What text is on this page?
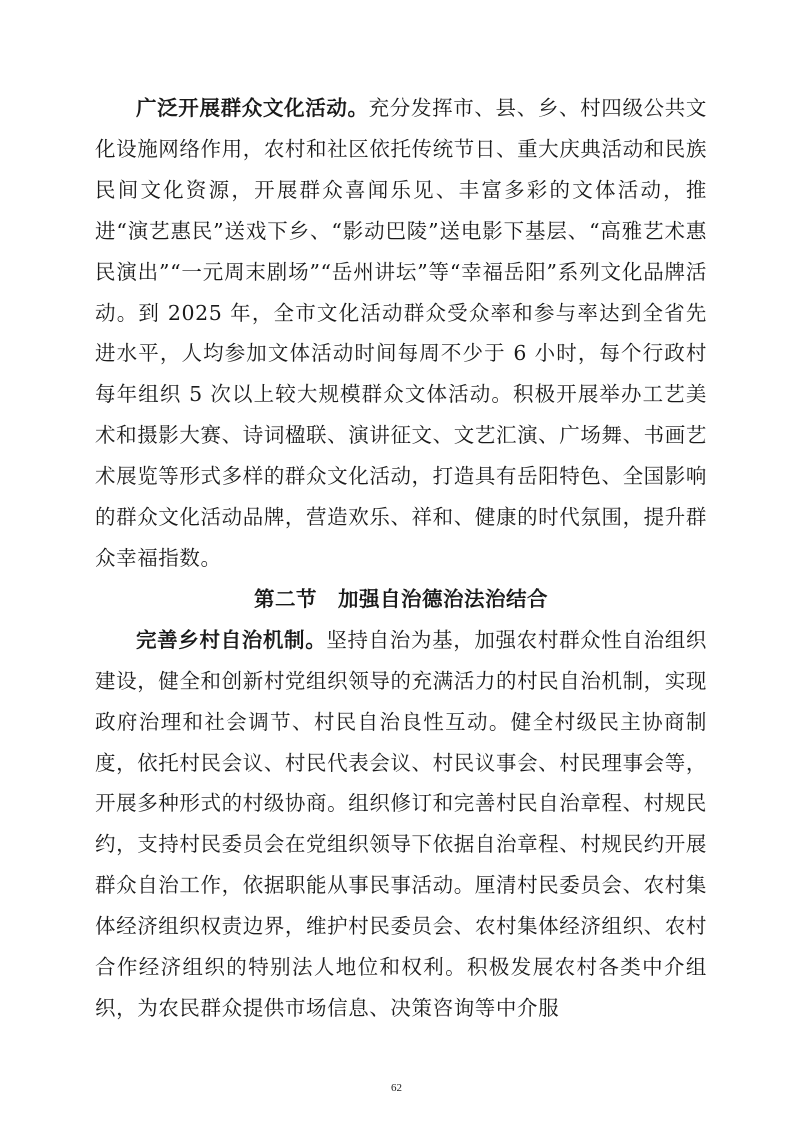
广泛开展群众文化活动。充分发挥市、县、乡、村四级公共文化设施网络作用，农村和社区依托传统节日、重大庆典活动和民族民间文化资源，开展群众喜闻乐见、丰富多彩的文体活动，推进“演艺惠民”送戏下乡、“影动巴陵”送电影下基层、“高雅艺术惠民演出”“一元周末剧场”“岳州讲坛”等“幸福岳阳”系列文化品牌活动。到 2025 年，全市文化活动群众受众率和参与率达到全省先进水平，人均参加文体活动时间每周不少于 6 小时，每个行政村每年组织 5 次以上较大规模群众文体活动。积极开展举办工艺美术和摄影大赛、诗词楹联、演讲征文、文艺汇演、广场舞、书画艺术展览等形式多样的群众文化活动，打造具有岳阳特色、全国影响的群众文化活动品牌，营造欢乐、祥和、健康的时代氛围，提升群众幸福指数。

第二节　加强自治德治法治结合

完善乡村自治机制。坚持自治为基，加强农村群众性自治组织建设，健全和创新村党组织领导的充满活力的村民自治机制，实现政府治理和社会调节、村民自治良性互动。健全村级民主协商制度，依托村民会议、村民代表会议、村民议事会、村民理事会等，开展多种形式的村级协商。组织修订和完善村民自治章程、村规民约，支持村民委员会在党组织领导下依据自治章程、村规民约开展群众自治工作，依据职能从事民事活动。厘清村民委员会、农村集体经济组织权责边界，维护村民委员会、农村集体经济组织、农村合作经济组织的特别法人地位和权利。积极发展农村各类中介组织，为农民群众提供市场信息、决策咨询等中介服

62
